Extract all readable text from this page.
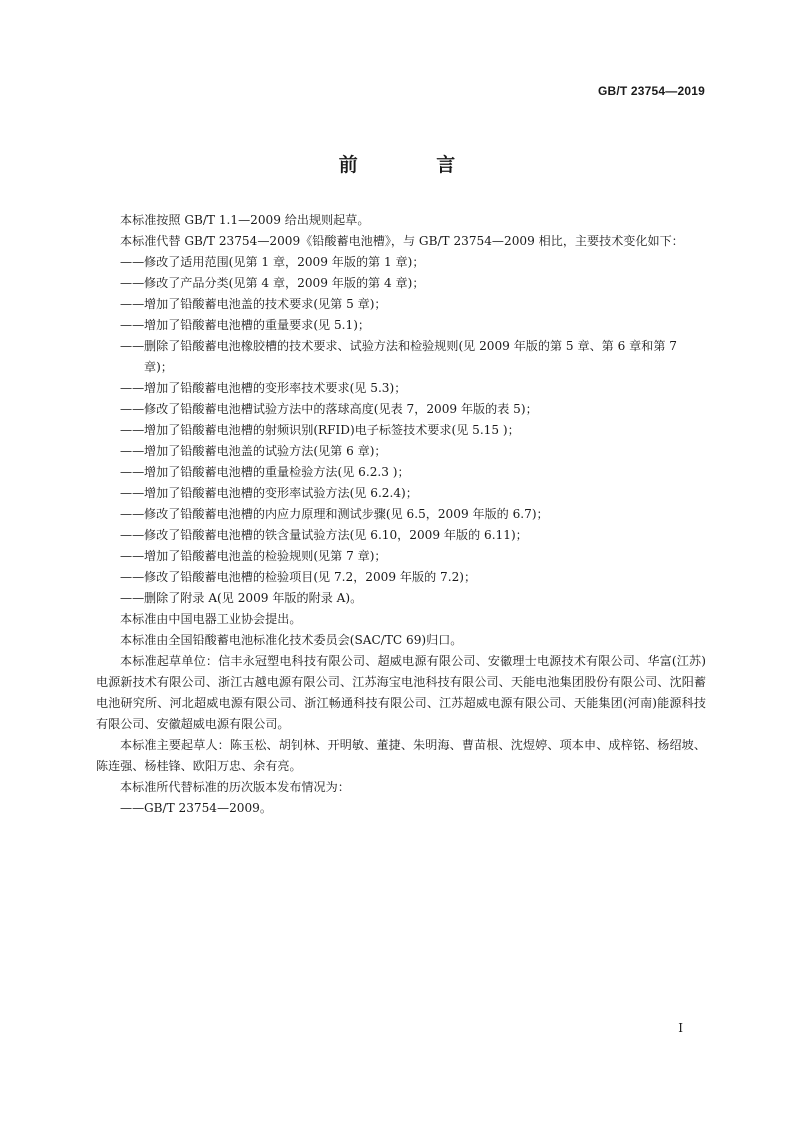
GB/T 23754—2019
前 言
本标准按照 GB/T 1.1—2009 给出规则起草。
本标准代替 GB/T 23754—2009《铅酸蓄电池槽》，与 GB/T 23754—2009 相比，主要技术变化如下：
—— 修改了适用范围(见第 1 章，2009 年版的第 1 章)；
—— 修改了产品分类(见第 4 章，2009 年版的第 4 章)；
—— 增加了铅酸蓄电池盖的技术要求(见第 5 章)；
—— 增加了铅酸蓄电池槽的重量要求(见 5.1)；
—— 删除了铅酸蓄电池橡胶槽的技术要求、试验方法和检验规则(见 2009 年版的第 5 章、第 6 章和第 7 章)；
—— 增加了铅酸蓄电池槽的变形率技术要求(见 5.3)；
—— 修改了铅酸蓄电池槽试验方法中的落球高度(见表 7，2009 年版的表 5)；
—— 增加了铅酸蓄电池槽的射频识别(RFID)电子标签技术要求(见 5.15 )；
—— 增加了铅酸蓄电池盖的试验方法(见第 6 章)；
—— 增加了铅酸蓄电池槽的重量检验方法(见 6.2.3 )；
—— 增加了铅酸蓄电池槽的变形率试验方法(见 6.2.4)；
—— 修改了铅酸蓄电池槽的内应力原理和测试步骤(见 6.5，2009 年版的 6.7)；
—— 修改了铅酸蓄电池槽的铁含量试验方法(见 6.10，2009 年版的 6.11)；
—— 增加了铅酸蓄电池盖的检验规则(见第 7 章)；
—— 修改了铅酸蓄电池槽的检验项目(见 7.2，2009 年版的 7.2)；
—— 删除了附录 A(见 2009 年版的附录 A)。
本标准由中国电器工业协会提出。
本标准由全国铅酸蓄电池标准化技术委员会(SAC/TC 69)归口。
本标准起草单位：信丰永冠塑电科技有限公司、超威电源有限公司、安徽理士电源技术有限公司、华富(江苏)电源新技术有限公司、浙江古越电源有限公司、江苏海宝电池科技有限公司、天能电池集团股份有限公司、沈阳蓄电池研究所、河北超威电源有限公司、浙江畅通科技有限公司、江苏超威电源有限公司、天能集团(河南)能源科技有限公司、安徽超威电源有限公司。
本标准主要起草人：陈玉松、胡钊林、开明敏、董捷、朱明海、曹苗根、沈煜婷、项本申、成梓铭、杨绍坡、陈连强、杨桂锋、欧阳万忠、余有亮。
本标准所代替标准的历次版本发布情况为：
—— GB/T 23754—2009。
I
